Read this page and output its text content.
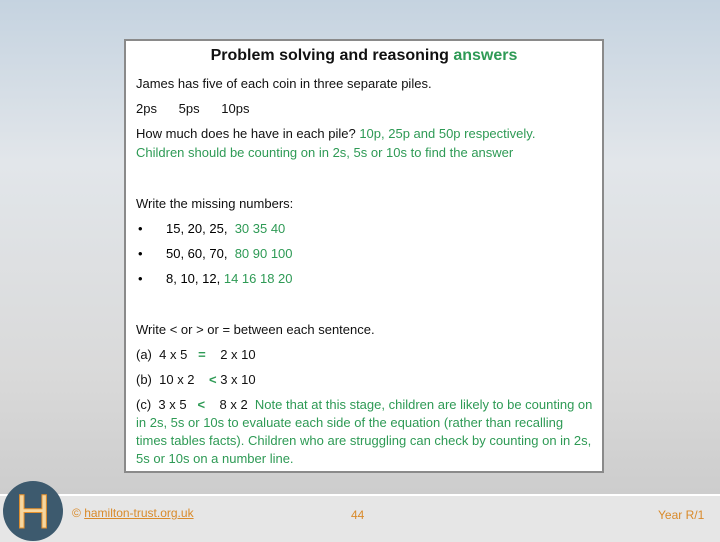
Problem solving and reasoning answers
James has five of each coin in three separate piles.
2ps 5ps 10ps
How much does he have in each pile? 10p, 25p and 50p respectively.
Children should be counting on in 2s, 5s or 10s to find the answer
Write the missing numbers:
• 15, 20, 25, 30 35 40
• 50, 60, 70, 80 90 100
• 8, 10, 12, 14 16 18 20
Write < or > or = between each sentence.
(a) 4 x 5 = 2 x 10
(b) 10 x 2 < 3 x 10
(c) 3 x 5 < 8 x 2 Note that at this stage, children are likely to be counting on in 2s, 5s or 10s to evaluate each side of the equation (rather than recalling times tables facts). Children who are struggling can check by counting on in 2s, 5s or 10s on a number line.
H	© hamilton-trust.org.uk	44	Year R/1
